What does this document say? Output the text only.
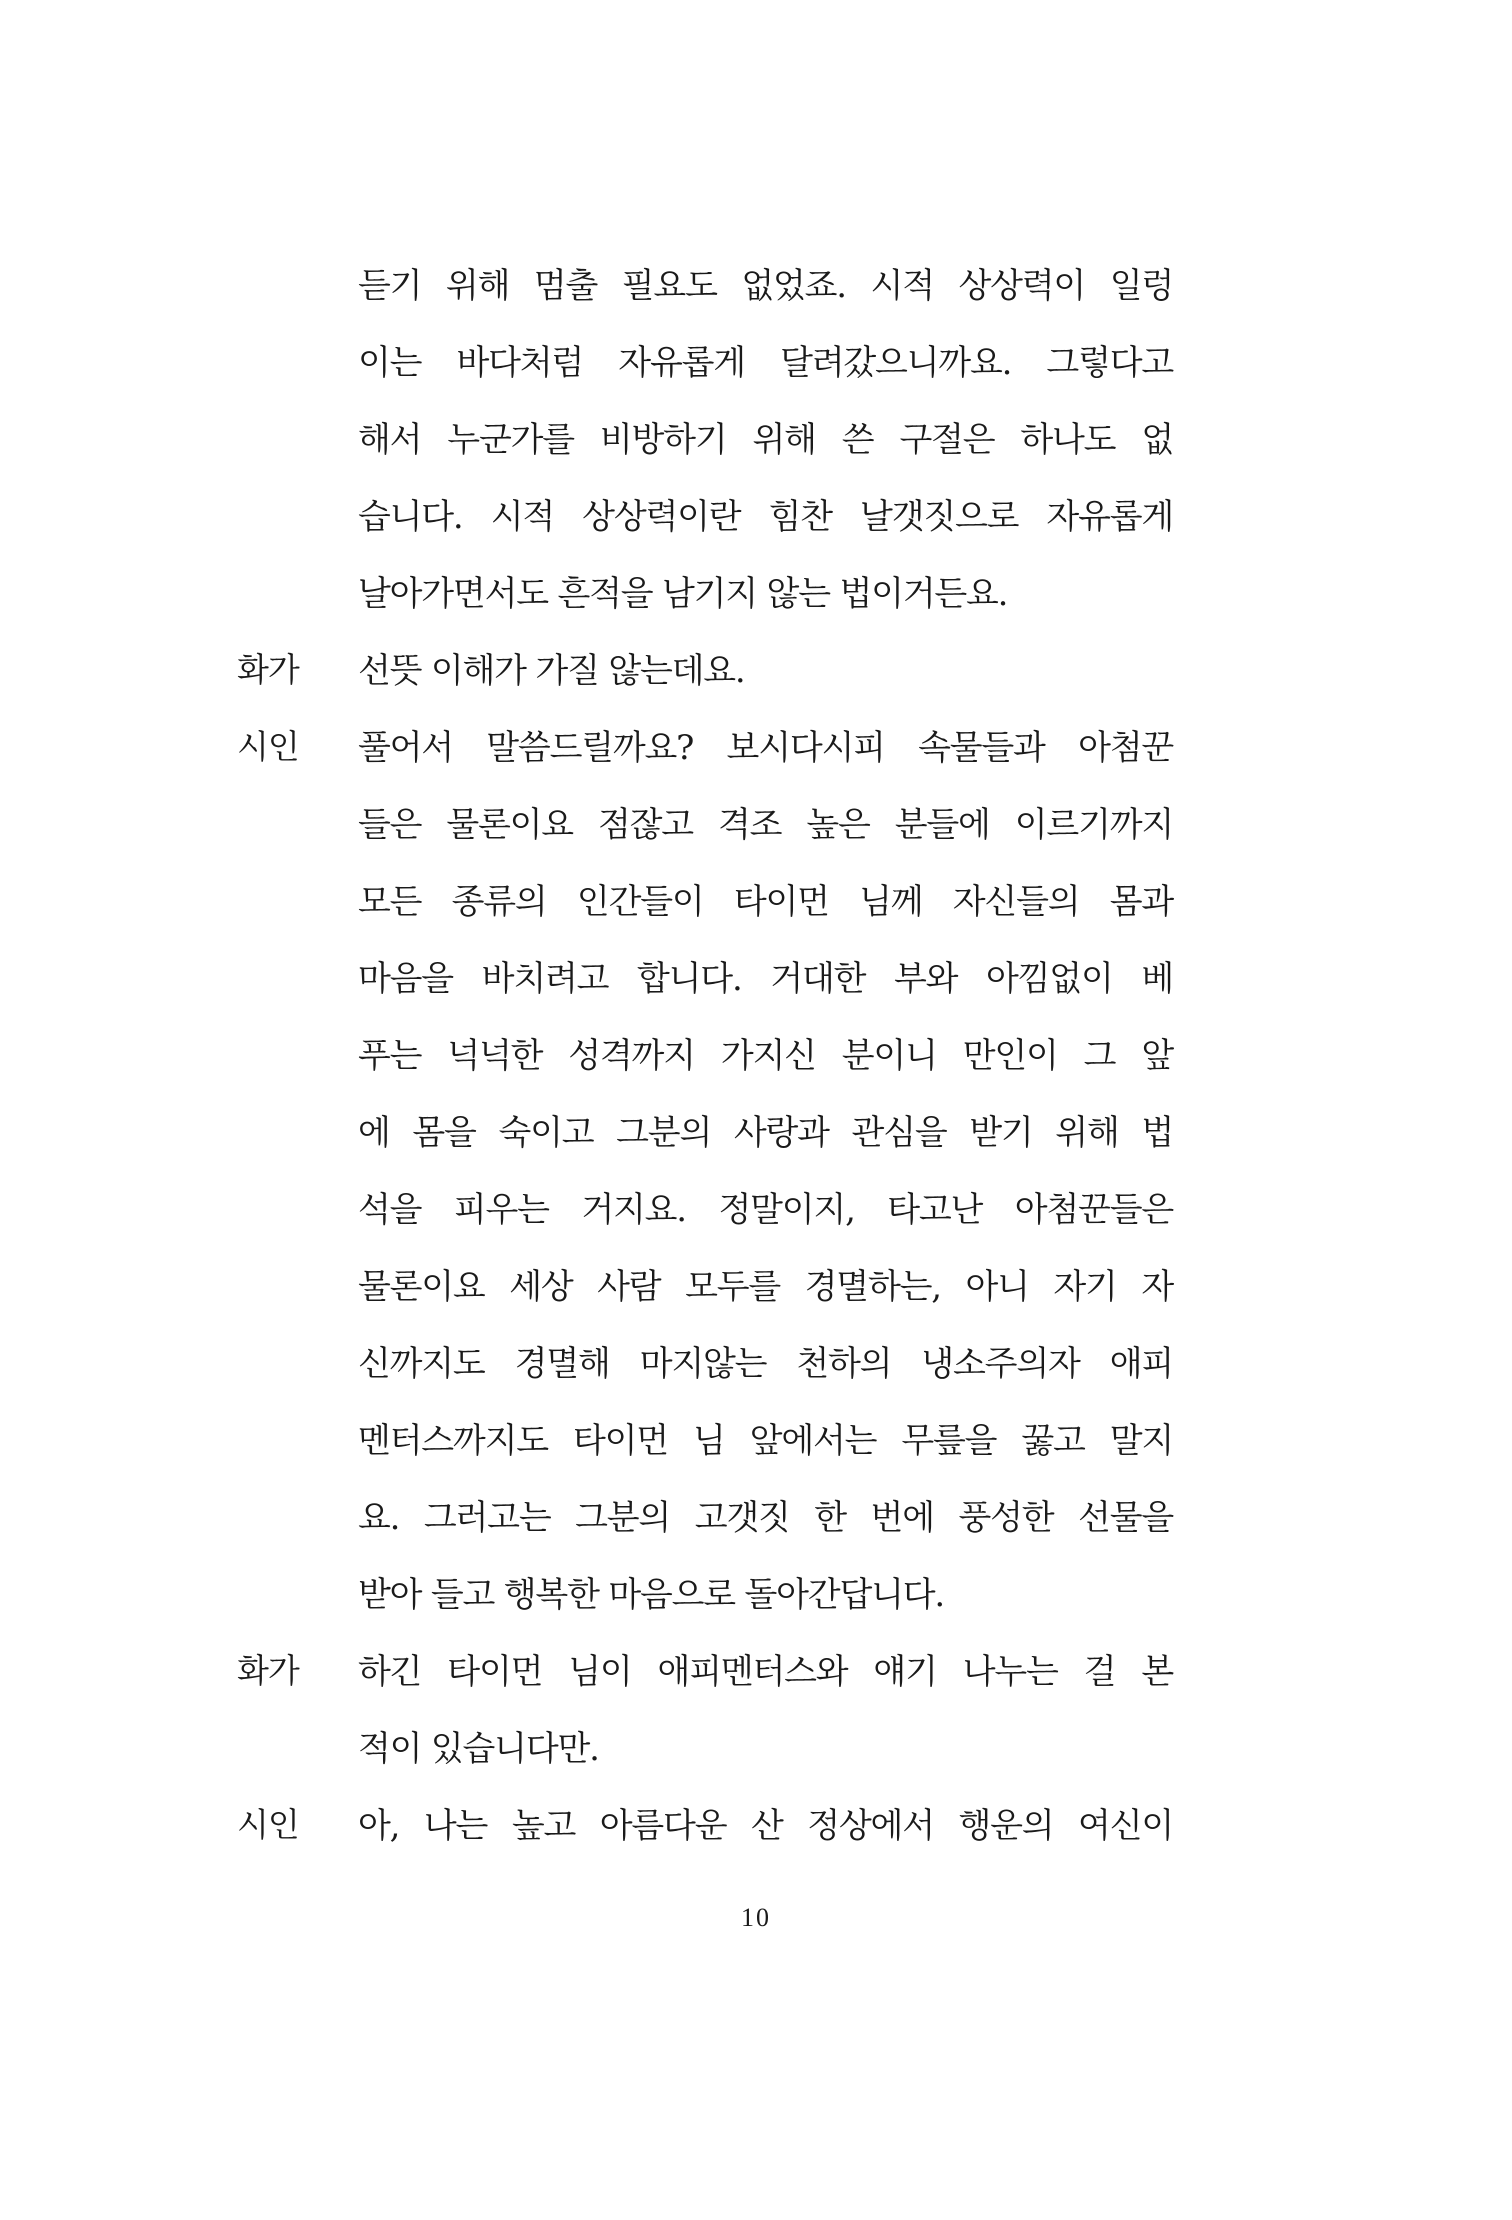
듣기 위해 멈출 필요도 없었죠. 시적 상상력이 일렁
이는 바다처럼 자유롭게 달려갔으니까요. 그렇다고
해서 누군가를 비방하기 위해 쓴 구절은 하나도 없
습니다. 시적 상상력이란 힘찬 날갯짓으로 자유롭게
날아가면서도 흔적을 남기지 않는 법이거든요.
화가	선뜻 이해가 가질 않는데요.
시인	풀어서 말씀드릴까요? 보시다시피 속물들과 아첨꾼
들은 물론이요 점잖고 격조 높은 분들에 이르기까지
모든 종류의 인간들이 타이먼 님께 자신들의 몸과
마음을 바치려고 합니다. 거대한 부와 아낌없이 베
푸는 넉넉한 성격까지 가지신 분이니 만인이 그 앞
에 몸을 숙이고 그분의 사랑과 관심을 받기 위해 법
석을 피우는 거지요. 정말이지, 타고난 아첨꾼들은
물론이요 세상 사람 모두를 경멸하는, 아니 자기 자
신까지도 경멸해 마지않는 천하의 냉소주의자 애피
멘터스까지도 타이먼 님 앞에서는 무릎을 꿇고 말지
요. 그러고는 그분의 고갯짓 한 번에 풍성한 선물을
받아 들고 행복한 마음으로 돌아간답니다.
화가	하긴 타이먼 님이 애피멘터스와 얘기 나누는 걸 본
적이 있습니다만.
시인	아, 나는 높고 아름다운 산 정상에서 행운의 여신이
10
